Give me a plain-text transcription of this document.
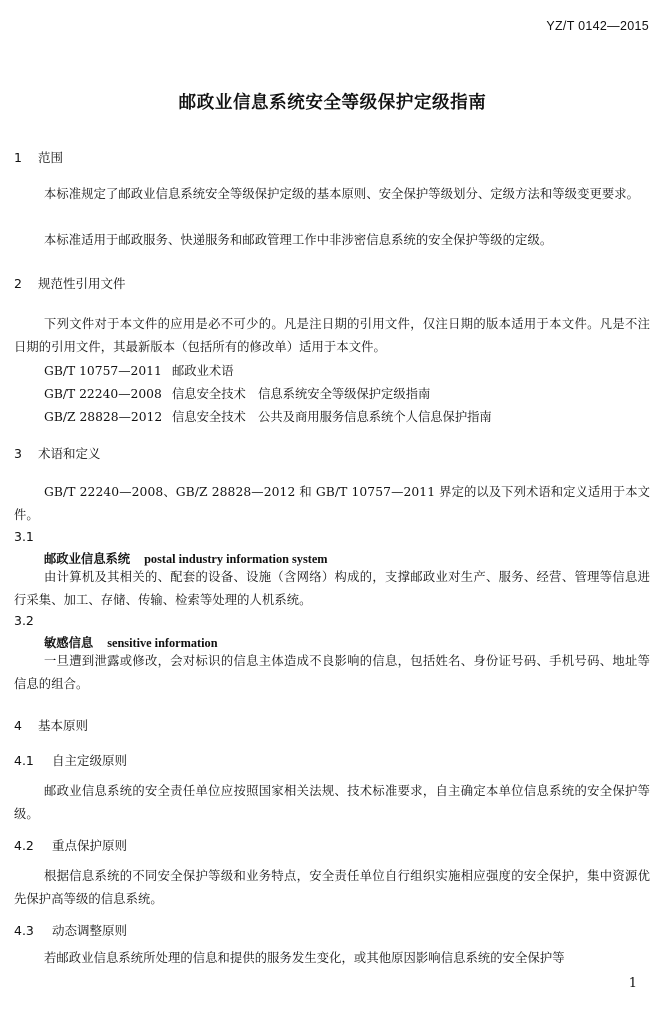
YZ/T 0142—2015
邮政业信息系统安全等级保护定级指南
1 范围
本标准规定了邮政业信息系统安全等级保护定级的基本原则、安全保护等级划分、定级方法和等级变更要求。
本标准适用于邮政服务、快递服务和邮政管理工作中非涉密信息系统的安全保护等级的定级。
2 规范性引用文件
下列文件对于本文件的应用是必不可少的。凡是注日期的引用文件，仅注日期的版本适用于本文件。凡是不注日期的引用文件，其最新版本（包括所有的修改单）适用于本文件。
GB/T 10757—2011 邮政业术语
GB/T 22240—2008 信息安全技术　信息系统安全等级保护定级指南
GB/Z 28828—2012 信息安全技术　公共及商用服务信息系统个人信息保护指南
3 术语和定义
GB/T 22240—2008、GB/Z 28828—2012 和 GB/T 10757—2011 界定的以及下列术语和定义适用于本文件。
3.1
邮政业信息系统 postal industry information system
由计算机及其相关的、配套的设备、设施（含网络）构成的，支撑邮政业对生产、服务、经营、管理等信息进行采集、加工、存储、传输、检索等处理的人机系统。
3.2
敏感信息 sensitive information
一旦遭到泄露或修改，会对标识的信息主体造成不良影响的信息，包括姓名、身份证号码、手机号码、地址等信息的组合。
4 基本原则
4.1 自主定级原则
邮政业信息系统的安全责任单位应按照国家相关法规、技术标准要求，自主确定本单位信息系统的安全保护等级。
4.2 重点保护原则
根据信息系统的不同安全保护等级和业务特点，安全责任单位自行组织实施相应强度的安全保护，集中资源优先保护高等级的信息系统。
4.3 动态调整原则
若邮政业信息系统所处理的信息和提供的服务发生变化，或其他原因影响信息系统的安全保护等
1
